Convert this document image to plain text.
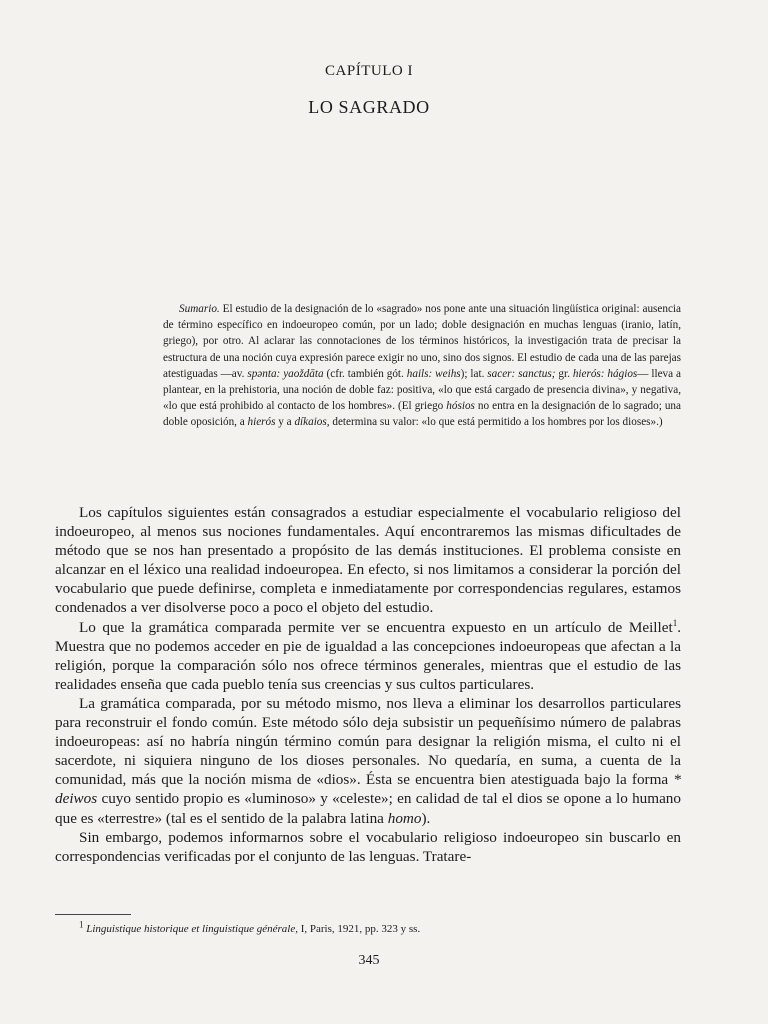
CAPÍTULO I
LO SAGRADO

Sumario. El estudio de la designación de lo «sagrado» nos pone ante una situación lingüística original: ausencia de término específico en indoeuropeo común, por un lado; doble designación en muchas lenguas (iranio, latín, griego), por otro. Al aclarar las connotaciones de los términos históricos, la investigación trata de precisar la estructura de una noción cuya expresión parece exigir no uno, sino dos signos. El estudio de cada una de las parejas atestiguadas —av. spənta: yaoždāta (cfr. también gót. hails: weihs); lat. sacer: sanctus; gr. hierós: hágios— lleva a plantear, en la prehistoria, una noción de doble faz: positiva, «lo que está cargado de presencia divina», y negativa, «lo que está prohibido al contacto de los hombres». (El griego hósios no entra en la designación de lo sagrado; una doble oposición, a hierós y a díkaios, determina su valor: «lo que está permitido a los hombres por los dioses».)

Los capítulos siguientes están consagrados a estudiar especialmente el vocabulario religioso del indoeuropeo, al menos sus nociones fundamentales. Aquí encontraremos las mismas dificultades de método que se nos han presentado a propósito de las demás instituciones. El problema consiste en alcanzar en el léxico una realidad indoeuropea. En efecto, si nos limitamos a considerar la porción del vocabulario que puede definirse, completa e inmediatamente por correspondencias regulares, estamos condenados a ver disolverse poco a poco el objeto del estudio.

Lo que la gramática comparada permite ver se encuentra expuesto en un artículo de Meillet$^1$. Muestra que no podemos acceder en pie de igualdad a las concepciones indoeuropeas que afectan a la religión, porque la comparación sólo nos ofrece términos generales, mientras que el estudio de las realidades enseña que cada pueblo tenía sus creencias y sus cultos particulares.

La gramática comparada, por su método mismo, nos lleva a eliminar los desarrollos particulares para reconstruir el fondo común. Este método sólo deja subsistir un pequeñísimo número de palabras indoeuropeas: así no habría ningún término común para designar la religión misma, el culto ni el sacerdote, ni siquiera ninguno de los dioses personales. No quedaría, en suma, a cuenta de la comunidad, más que la noción misma de «dios». Ésta se encuentra bien atestiguada bajo la forma * deiwos cuyo sentido propio es «luminoso» y «celeste»; en calidad de tal el dios se opone a lo humano que es «terrestre» (tal es el sentido de la palabra latina homo).

Sin embargo, podemos informarnos sobre el vocabulario religioso indoeuropeo sin buscarlo en correspondencias verificadas por el conjunto de las lenguas. Tratare-

$^1$ Linguistique historique et linguistique générale, I, Paris, 1921, pp. 323 y ss.
345
